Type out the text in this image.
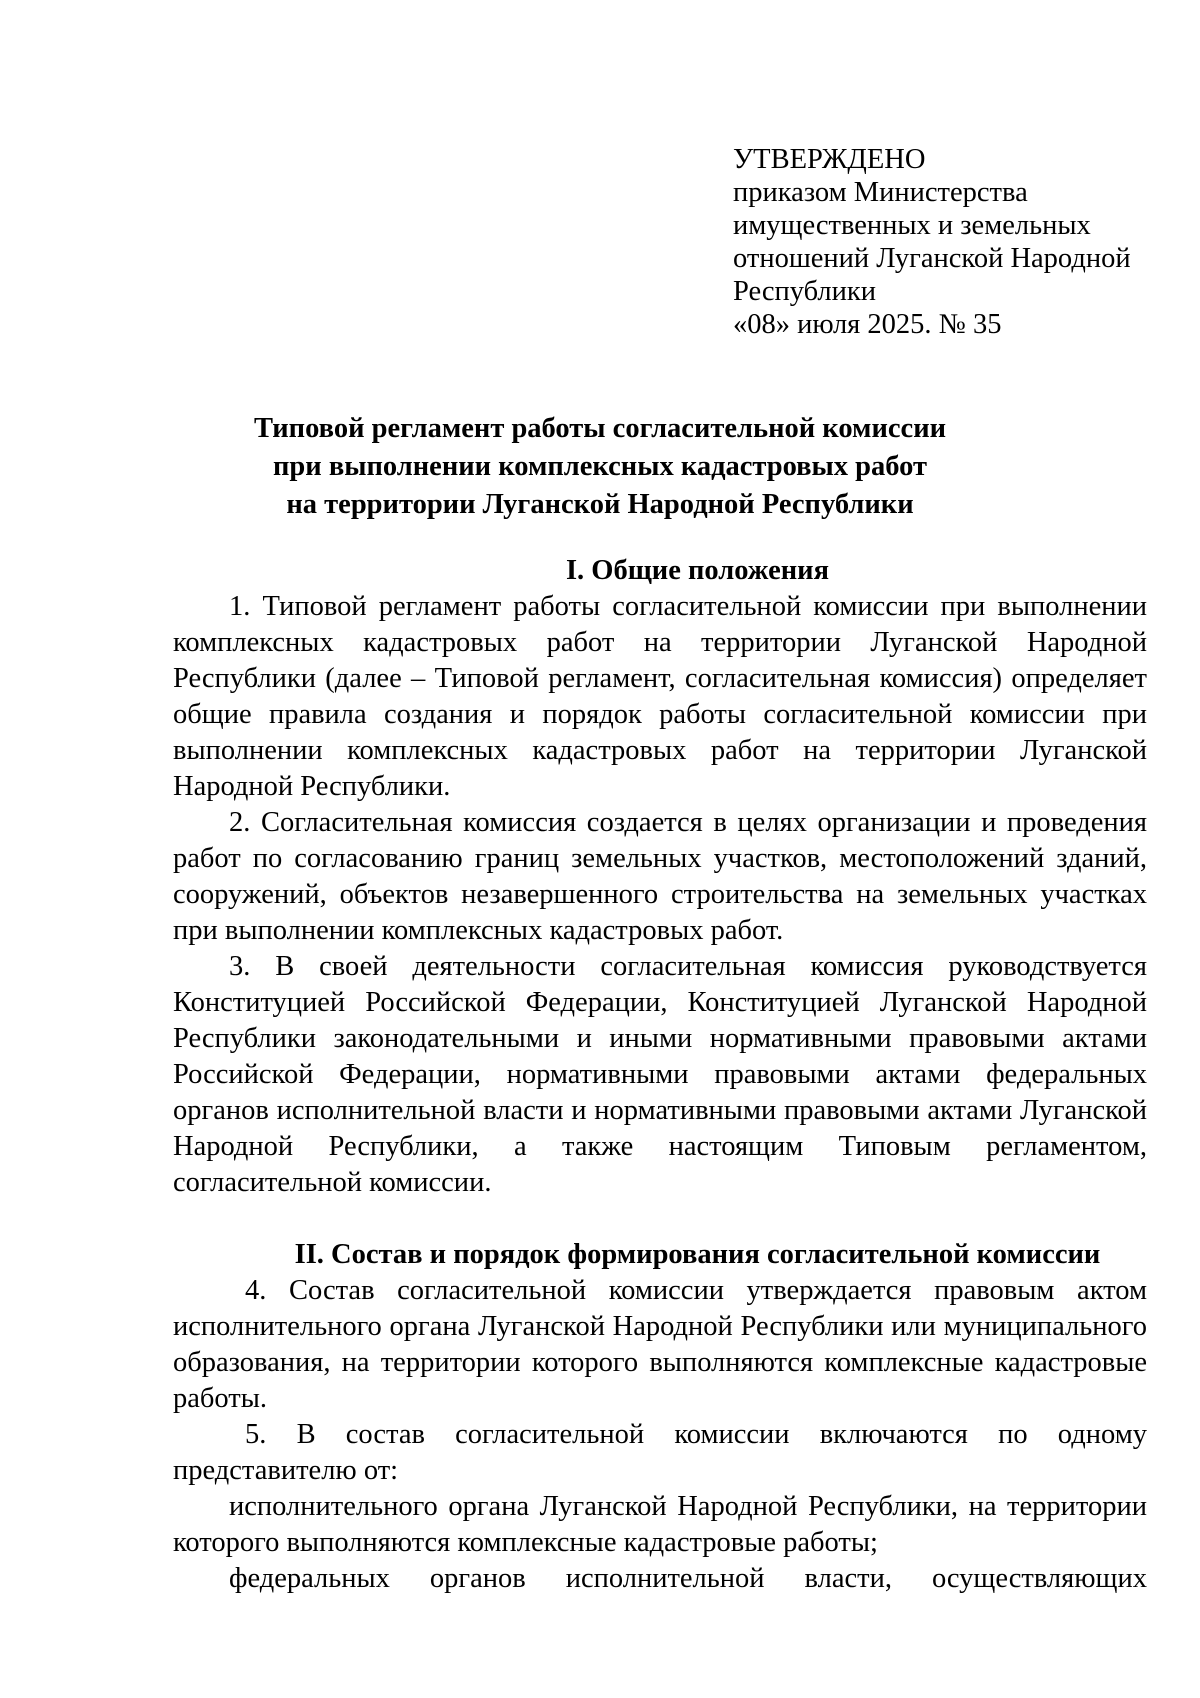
УТВЕРЖДЕНО
приказом Министерства
имущественных и земельных
отношений Луганской Народной
Республики
«08» июля 2025. № 35
Типовой регламент работы согласительной комиссии
при выполнении комплексных кадастровых работ
на территории Луганской Народной Республики
I. Общие положения

1. Типовой регламент работы согласительной комиссии при выполнении комплексных кадастровых работ на территории Луганской Народной Республики (далее – Типовой регламент, согласительная комиссия) определяет общие правила создания и порядок работы согласительной комиссии при выполнении комплексных кадастровых работ на территории Луганской Народной Республики.

2. Согласительная комиссия создается в целях организации и проведения работ по согласованию границ земельных участков, местоположений зданий, сооружений, объектов незавершенного строительства на земельных участках при выполнении комплексных кадастровых работ.

3. В своей деятельности согласительная комиссия руководствуется Конституцией Российской Федерации, Конституцией Луганской Народной Республики законодательными и иными нормативными правовыми актами Российской Федерации, нормативными правовыми актами федеральных органов исполнительной власти и нормативными правовыми актами Луганской Народной Республики, а также настоящим Типовым регламентом, согласительной комиссии.

II. Состав и порядок формирования согласительной комиссии

4. Состав согласительной комиссии утверждается правовым актом исполнительного органа Луганской Народной Республики или муниципального образования, на территории которого выполняются комплексные кадастровые работы.

5. В состав согласительной комиссии включаются по одному представителю от:

исполнительного органа Луганской Народной Республики, на территории которого выполняются комплексные кадастровые работы;

федеральных органов исполнительной власти, осуществляющих
